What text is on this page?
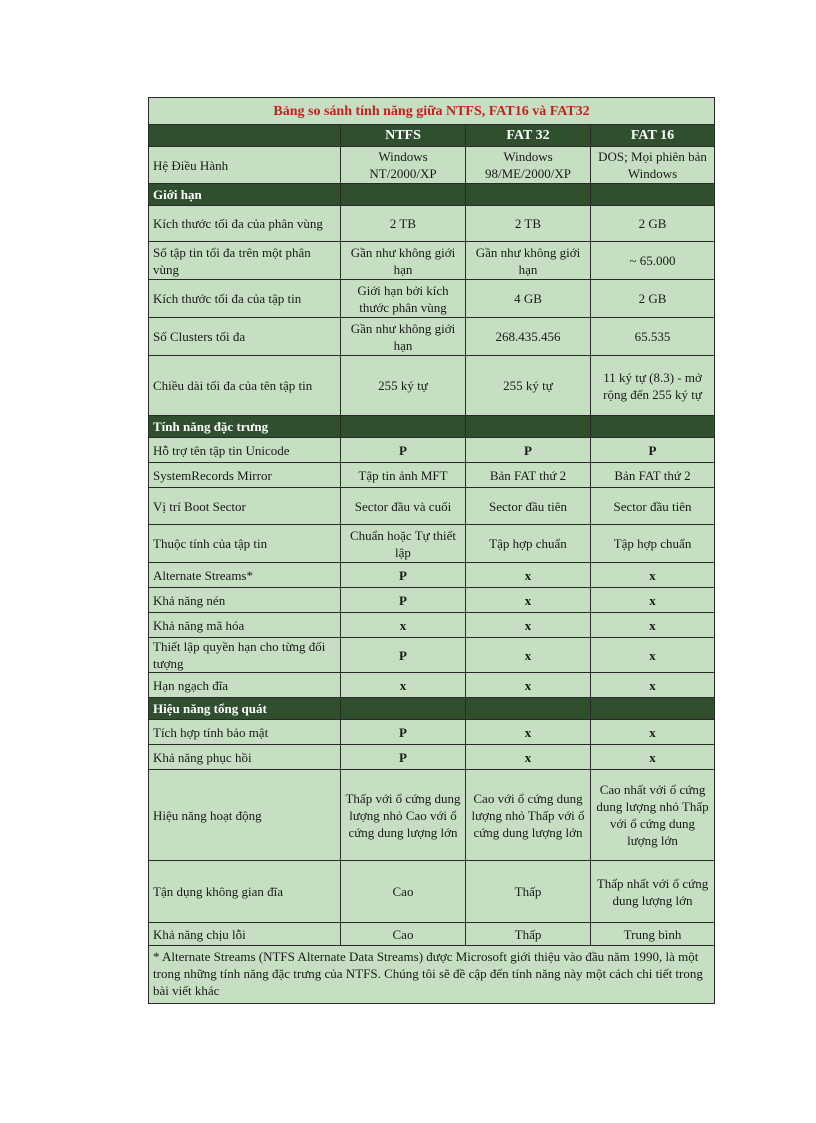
Bảng so sánh tính năng giữa NTFS, FAT16 và FAT32			
	NTFS	FAT 32	FAT 16
Hệ Điều Hành	Windows NT/2000/XP	Windows 98/ME/2000/XP	DOS; Mọi phiên bản Windows
Giới hạn			
Kích thước tối đa của phân vùng	2 TB	2 TB	2 GB
Số tập tin tối đa trên một phân vùng	Gần như không giới hạn	Gần như không giới hạn	~ 65.000
Kích thước tối đa của tập tin	Giới hạn bởi kích thước phân vùng	4 GB	2 GB
Số Clusters tối đa	Gần như không giới hạn	268.435.456	65.535
Chiều dài tối đa của tên tập tin	255 ký tự	255 ký tự	11 ký tự (8.3) - mở rộng đến 255 ký tự
Tính năng đặc trưng			
Hỗ trợ tên tập tin Unicode	P	P	P
SystemRecords Mirror	Tập tin ảnh MFT	Bản FAT thứ 2	Bản FAT thứ 2
Vị trí Boot Sector	Sector đầu và cuối	Sector đầu tiên	Sector đầu tiên
Thuộc tính của tập tin	Chuẩn hoặc Tự thiết lập	Tập hợp chuẩn	Tập hợp chuẩn
Alternate Streams*	P	x	x
Khả năng nén	P	x	x
Khả năng mã hóa	x	x	x
Thiết lập quyền hạn cho từng đối tượng	P	x	x
Hạn ngạch đĩa	x	x	x
Hiệu năng tổng quát			
Tích hợp tính bảo mật	P	x	x
Khả năng phục hồi	P	x	x
Hiệu năng hoạt động	Thấp với ổ cứng dung lượng nhỏ Cao với ổ cứng dung lượng lớn	Cao với ổ cứng dung lượng nhỏ Thấp với ổ cứng dung lượng lớn	Cao nhất với ổ cứng dung lượng nhỏ Thấp với ổ cứng dung lượng lớn
Tận dụng không gian đĩa	Cao	Thấp	Thấp nhất với ổ cứng dung lượng lớn
Khả năng chịu lỗi	Cao	Thấp	Trung bình
* Alternate Streams (NTFS Alternate Data Streams) được Microsoft giới thiệu vào đầu năm 1990, là một trong những tính năng đặc trưng của NTFS. Chúng tôi sẽ đề cập đến tính năng này một cách chi tiết trong bài viết khác			
